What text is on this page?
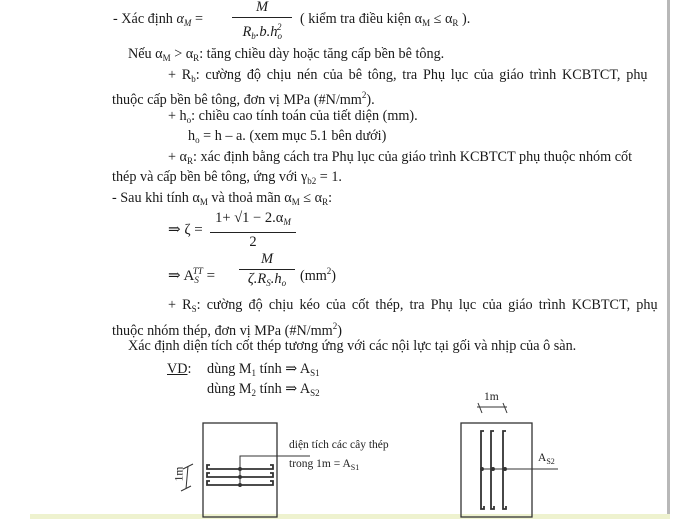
- Xác định $\alpha_M$ =
M
$R_b.b.h_o^2$	( kiểm tra điều kiện $\alpha_M \le \alpha_R$ ).
Nếu $\alpha_M > \alpha_R$: tăng chiều dày hoặc tăng cấp bền bê tông.
+ $R_b$: cường độ chịu nén của bê tông, tra Phụ lục của giáo trình KCBTCT, phụ
thuộc cấp bền bê tông, đơn vị MPa $(\#N/mm^2)$.
+ $h_o$: chiều cao tính toán của tiết diện (mm).
$h_o = h - a$. (xem mục 5.1 bên dưới)
+ $\alpha_R$: xác định bằng cách tra Phụ lục của giáo trình KCBTCT phụ thuộc nhóm cốt
thép và cấp bền bê tông, ứng với $\gamma_{b2} = 1$.
- Sau khi tính $\alpha_M$ và thoả mãn $\alpha_M \le \alpha_R$:
⇒ ζ =
$1+ √1 - 2.\alpha_M$
2
⇒ $A_S^{TT}$ =
M
$\zeta.R_S.h_o$ $(mm^2)$
+ $R_S$: cường độ chịu kéo của cốt thép, tra Phụ lục của giáo trình KCBTCT, phụ
thuộc nhóm thép, đơn vị MPa $(\#N/mm^2)$
Xác định diện tích cốt thép tương ứng với các nội lực tại gối và nhịp của ô sàn.
VD: dùng $M_1$ tính ⇒ $A_{S1}$
dùng $M_2$ tính ⇒ $A_{S2}$
1m
diện tích các cây thép
trong $1m = A_{S1}$
1m
$A_{S2}$
